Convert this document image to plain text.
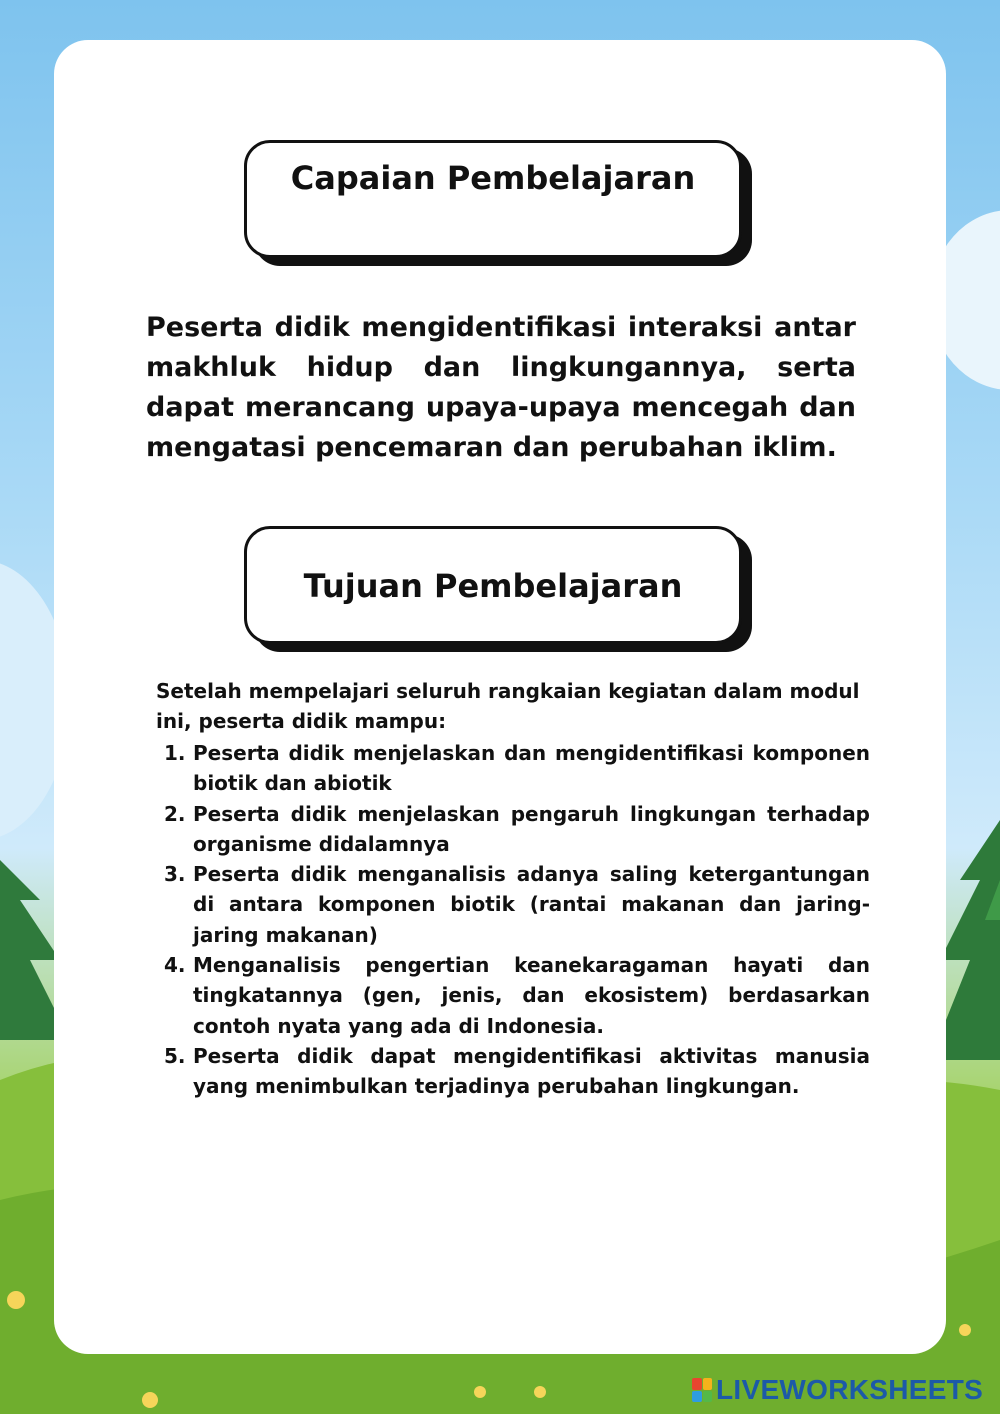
Capaian Pembelajaran

Peserta didik mengidentifikasi interaksi antar makhluk hidup dan lingkungannya, serta dapat merancang upaya-upaya mencegah dan mengatasi pencemaran dan perubahan iklim.

Tujuan Pembelajaran

Setelah mempelajari seluruh rangkaian kegiatan dalam modul ini, peserta didik mampu:

1. Peserta didik menjelaskan dan mengidentifikasi komponen biotik dan abiotik
2. Peserta didik menjelaskan pengaruh lingkungan terhadap organisme didalamnya
3. Peserta didik menganalisis adanya saling ketergantungan di antara komponen biotik (rantai makanan dan jaring-jaring makanan)
4. Menganalisis pengertian keanekaragaman hayati dan tingkatannya (gen, jenis, dan ekosistem) berdasarkan contoh nyata yang ada di Indonesia.
5. Peserta didik dapat mengidentifikasi aktivitas manusia yang menimbulkan terjadinya perubahan lingkungan.
LIVEWORKSHEETS
